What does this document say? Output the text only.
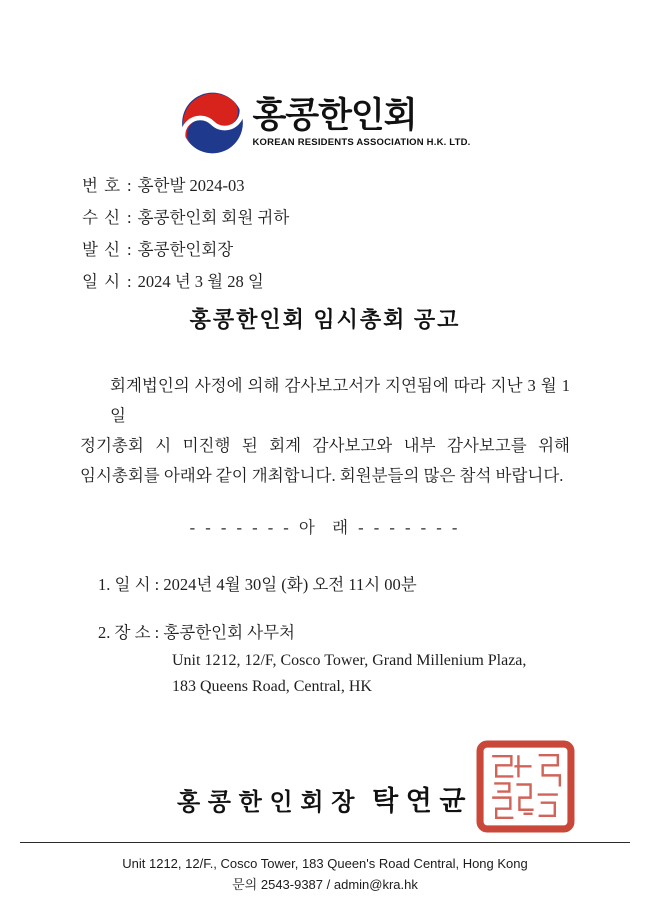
홍콩한인회
KOREAN RESIDENTS ASSOCIATION H.K. LTD.
번 호 : 홍한발 2024-03
수 신 : 홍콩한인회 회원 귀하
발 신 : 홍콩한인회장
일 시 : 2024 년 3 월 28 일
홍콩한인회 임시총회 공고
회계법인의 사정에 의해 감사보고서가 지연됨에 따라 지난 3 월 1 일
정기총회 시 미진행 된 회계 감사보고와 내부 감사보고를 위해
임시총회를 아래와 같이 개최합니다. 회원분들의 많은 참석 바랍니다.
- - - - - - - 아  래 - - - - - - -
1. 일 시 : 2024년 4월 30일 (화) 오전 11시 00분
2. 장 소 : 홍콩한인회 사무처
Unit 1212, 12/F, Cosco Tower, Grand Millenium Plaza,
183 Queens Road, Central, HK
홍콩한인회장 탁연균
Unit 1212, 12/F., Cosco Tower, 183 Queen's Road Central, Hong Kong
문의 2543-9387 / admin@kra.hk
